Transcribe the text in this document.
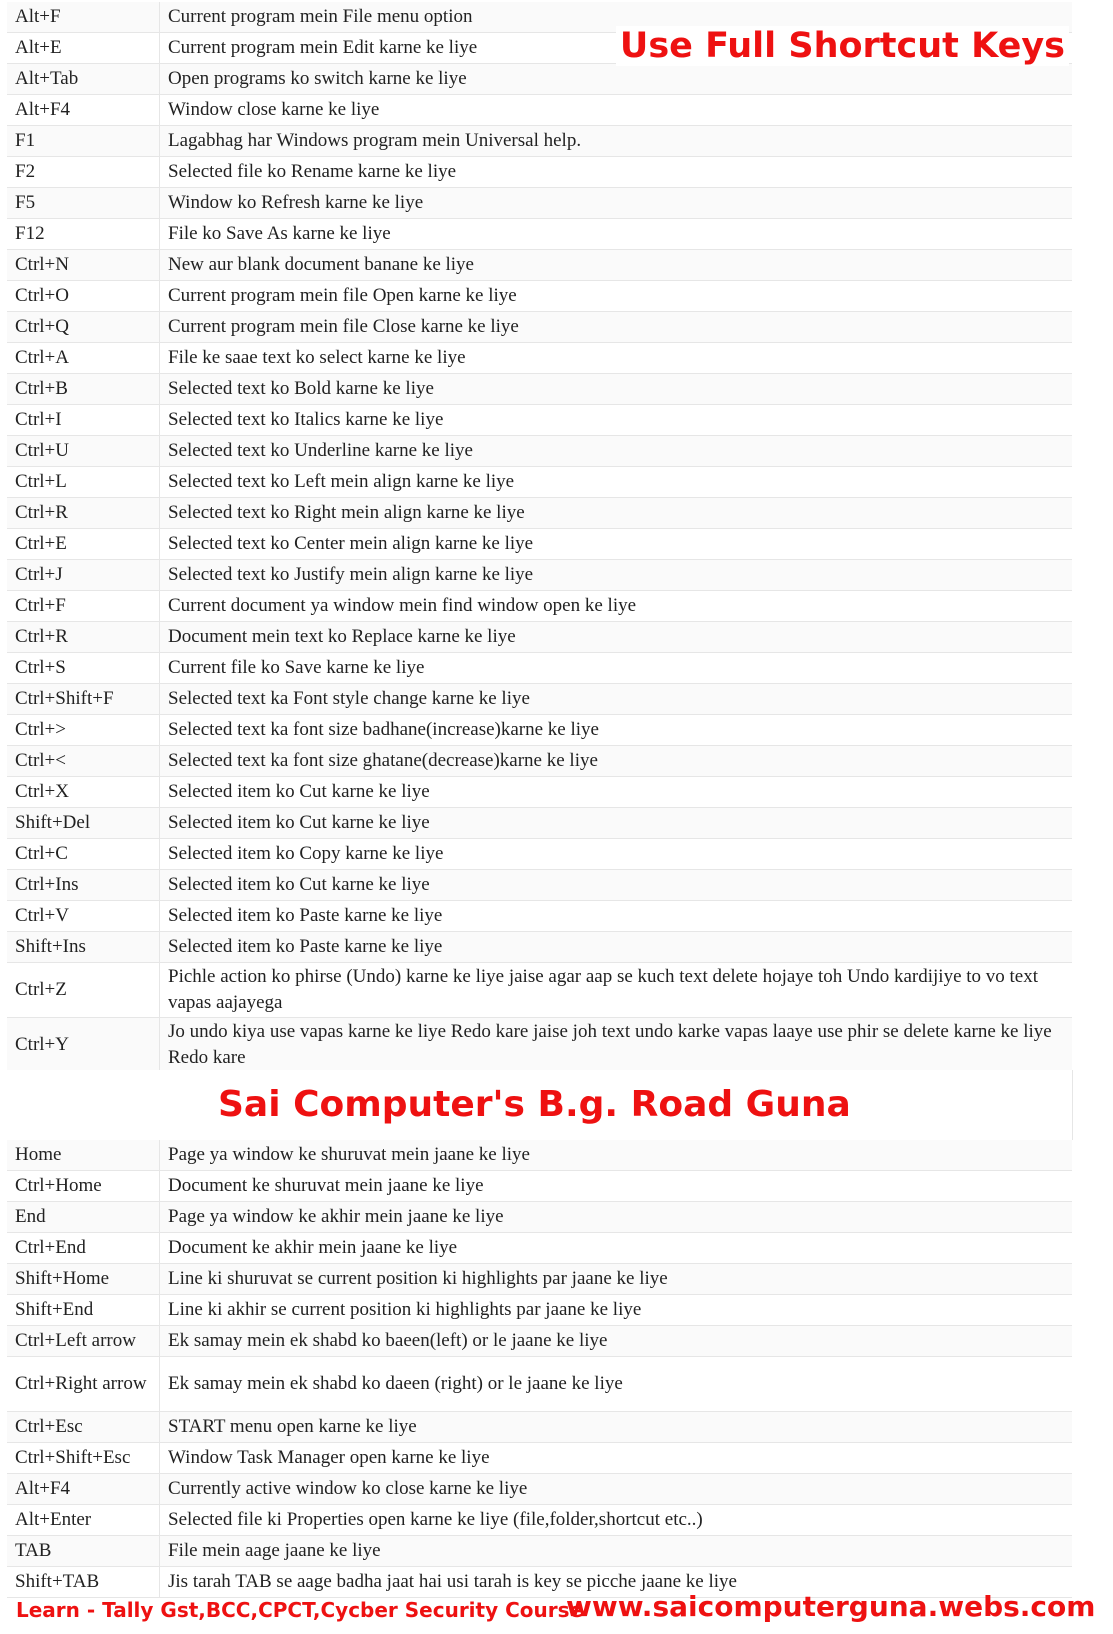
Alt+F	Current program mein File menu option
Alt+E	Current program mein Edit karne ke liye
Alt+Tab	Open programs ko switch karne ke liye
Alt+F4	Window close karne ke liye
F1	Lagabhag har Windows program mein Universal help.
F2	Selected file ko Rename karne ke liye
F5	Window ko Refresh karne ke liye
F12	File ko Save As karne ke liye
Ctrl+N	New aur blank document banane ke liye
Ctrl+O	Current program mein file Open karne ke liye
Ctrl+Q	Current program mein file Close karne ke liye
Ctrl+A	File ke saae text ko select karne ke liye
Ctrl+B	Selected text ko Bold karne ke liye
Ctrl+I	Selected text ko Italics karne ke liye
Ctrl+U	Selected text ko Underline karne ke liye
Ctrl+L	Selected text ko Left mein align karne ke liye
Ctrl+R	Selected text ko Right mein align karne ke liye
Ctrl+E	Selected text ko Center mein align karne ke liye
Ctrl+J	Selected text ko Justify mein align karne ke liye
Ctrl+F	Current document ya window mein find window open ke liye
Ctrl+R	Document mein text ko Replace karne ke liye
Ctrl+S	Current file ko Save karne ke liye
Ctrl+Shift+F	Selected text ka Font style change karne ke liye
Ctrl+>	Selected text ka font size badhane(increase)karne ke liye
Ctrl+<	Selected text ka font size ghatane(decrease)karne ke liye
Ctrl+X	Selected item ko Cut karne ke liye
Shift+Del	Selected item ko Cut karne ke liye
Ctrl+C	Selected item ko Copy karne ke liye
Ctrl+Ins	Selected item ko Cut karne ke liye
Ctrl+V	Selected item ko Paste karne ke liye
Shift+Ins	Selected item ko Paste karne ke liye
Ctrl+Z	Pichle action ko phirse (Undo) karne ke liye jaise agar aap se kuch text delete hojaye toh Undo kardijiye to vo text vapas aajayega
Ctrl+Y	Jo undo kiya use vapas karne ke liye Redo kare jaise joh text undo karke vapas laaye use phir se delete karne ke liye Redo kare
Use Full Shortcut Keys
Sai Computer's B.g. Road Guna
Home	Page ya window ke shuruvat mein jaane ke liye
Ctrl+Home	Document ke shuruvat mein jaane ke liye
End	Page ya window ke akhir mein jaane ke liye
Ctrl+End	Document ke akhir mein jaane ke liye
Shift+Home	Line ki shuruvat se current position ki highlights par jaane ke liye
Shift+End	Line ki akhir se current position ki highlights par jaane ke liye
Ctrl+Left arrow	Ek samay mein ek shabd ko baeen(left) or le jaane ke liye
Ctrl+Right arrow	Ek samay mein ek shabd ko daeen (right) or le jaane ke liye
Ctrl+Esc	START menu open karne ke liye
Ctrl+Shift+Esc	Window Task Manager open karne ke liye
Alt+F4	Currently active window ko close karne ke liye
Alt+Enter	Selected file ki Properties open karne ke liye (file,folder,shortcut etc..)
TAB	File mein aage jaane ke liye
Shift+TAB	Jis tarah TAB se aage badha jaat hai usi tarah is key se picche jaane ke liye
Learn - Tally Gst,BCC,CPCT,Cycber Security Course
www.saicomputerguna.webs.com
